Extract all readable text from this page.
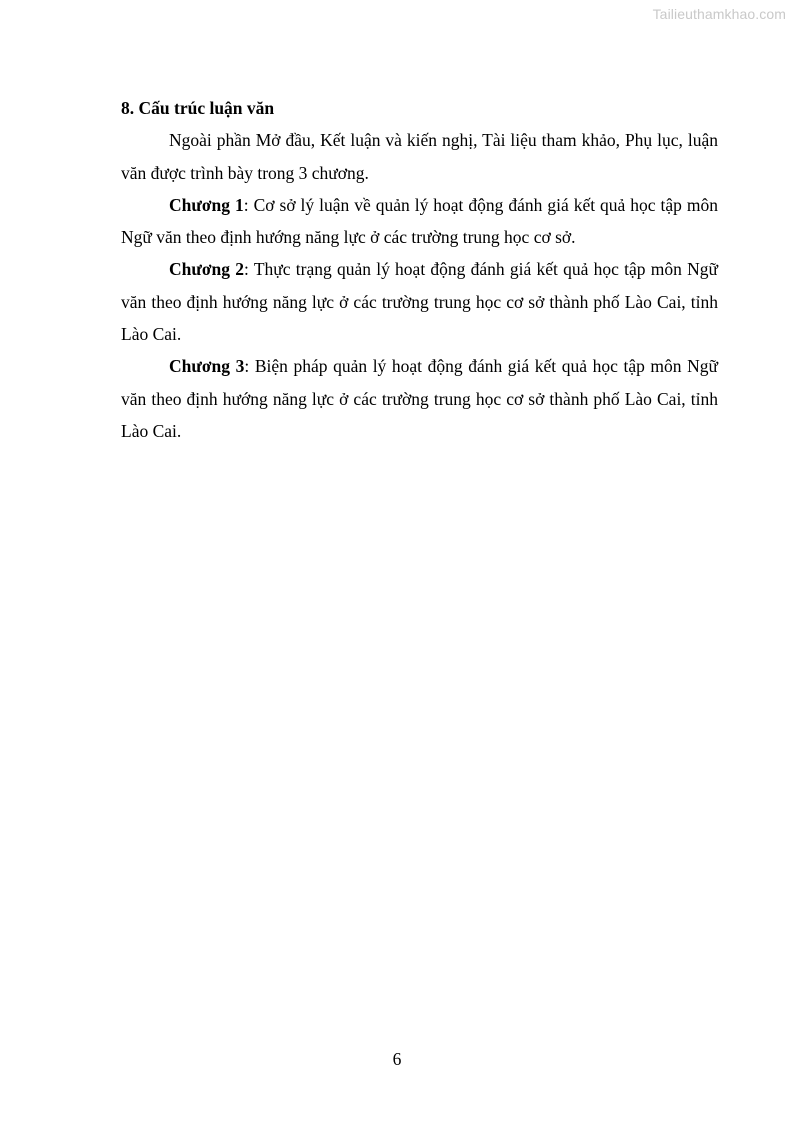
Tailieuthamkhao.com

8. Cấu trúc luận văn

Ngoài phần Mở đầu, Kết luận và kiến nghị, Tài liệu tham khảo, Phụ lục, luận văn được trình bày trong 3 chương.

Chương 1: Cơ sở lý luận về quản lý hoạt động đánh giá kết quả học tập môn Ngữ văn theo định hướng năng lực ở các trường trung học cơ sở.

Chương 2: Thực trạng quản lý hoạt động đánh giá kết quả học tập môn Ngữ văn theo định hướng năng lực ở các trường trung học cơ sở thành phố Lào Cai, tỉnh Lào Cai.

Chương 3: Biện pháp quản lý hoạt động đánh giá kết quả học tập môn Ngữ văn theo định hướng năng lực ở các trường trung học cơ sở thành phố Lào Cai, tỉnh Lào Cai.

6
